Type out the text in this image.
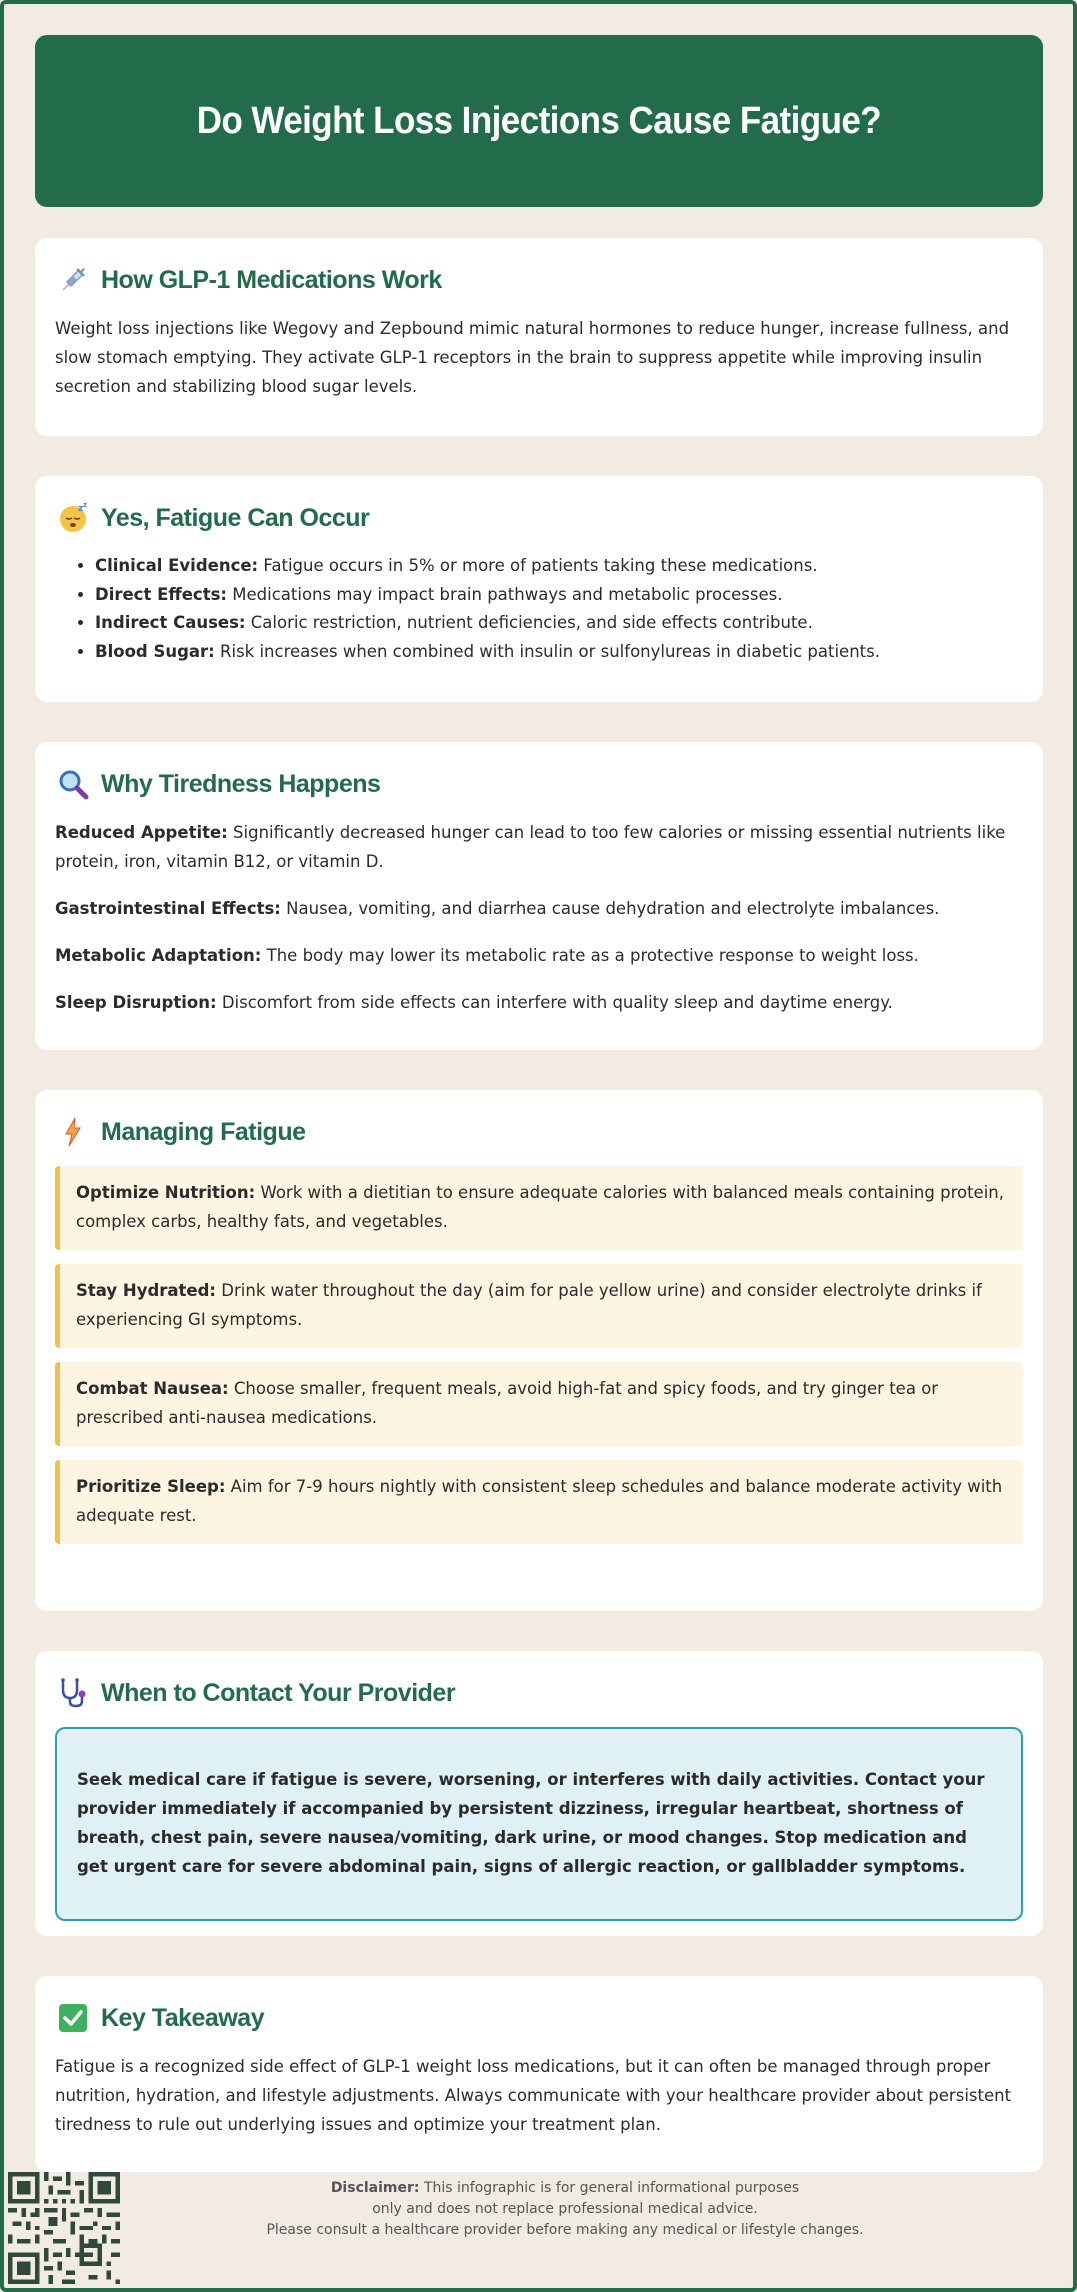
Do Weight Loss Injections Cause Fatigue?
How GLP-1 Medications Work

Weight loss injections like Wegovy and Zepbound mimic natural hormones to reduce hunger, increase fullness, and slow stomach emptying. They activate GLP-1 receptors in the brain to suppress appetite while improving insulin secretion and stabilizing blood sugar levels.

z z Yes, Fatigue Can Occur
• Clinical Evidence: Fatigue occurs in 5% or more of patients taking these medications.
• Direct Effects: Medications may impact brain pathways and metabolic processes.
• Indirect Causes: Caloric restriction, nutrient deficiencies, and side effects contribute.
• Blood Sugar: Risk increases when combined with insulin or sulfonylureas in diabetic patients.
Why Tiredness Happens

Reduced Appetite: Significantly decreased hunger can lead to too few calories or missing essential nutrients like protein, iron, vitamin B12, or vitamin D.

Gastrointestinal Effects: Nausea, vomiting, and diarrhea cause dehydration and electrolyte imbalances.

Metabolic Adaptation: The body may lower its metabolic rate as a protective response to weight loss.

Sleep Disruption: Discomfort from side effects can interfere with quality sleep and daytime energy.

Managing Fatigue
Optimize Nutrition: Work with a dietitian to ensure adequate calories with balanced meals containing protein, complex carbs, healthy fats, and vegetables.
Stay Hydrated: Drink water throughout the day (aim for pale yellow urine) and consider electrolyte drinks if experiencing GI symptoms.
Combat Nausea: Choose smaller, frequent meals, avoid high-fat and spicy foods, and try ginger tea or prescribed anti-nausea medications.
Prioritize Sleep: Aim for 7-9 hours nightly with consistent sleep schedules and balance moderate activity with adequate rest.
When to Contact Your Provider
Seek medical care if fatigue is severe, worsening, or interferes with daily activities. Contact your provider immediately if accompanied by persistent dizziness, irregular heartbeat, shortness of breath, chest pain, severe nausea/vomiting, dark urine, or mood changes. Stop medication and get urgent care for severe abdominal pain, signs of allergic reaction, or gallbladder symptoms.
Key Takeaway

Fatigue is a recognized side effect of GLP-1 weight loss medications, but it can often be managed through proper nutrition, hydration, and lifestyle adjustments. Always communicate with your healthcare provider about persistent tiredness to rule out underlying issues and optimize your treatment plan.

Disclaimer: This infographic is for general informational purposes
only and does not replace professional medical advice.
Please consult a healthcare provider before making any medical or lifestyle changes.
